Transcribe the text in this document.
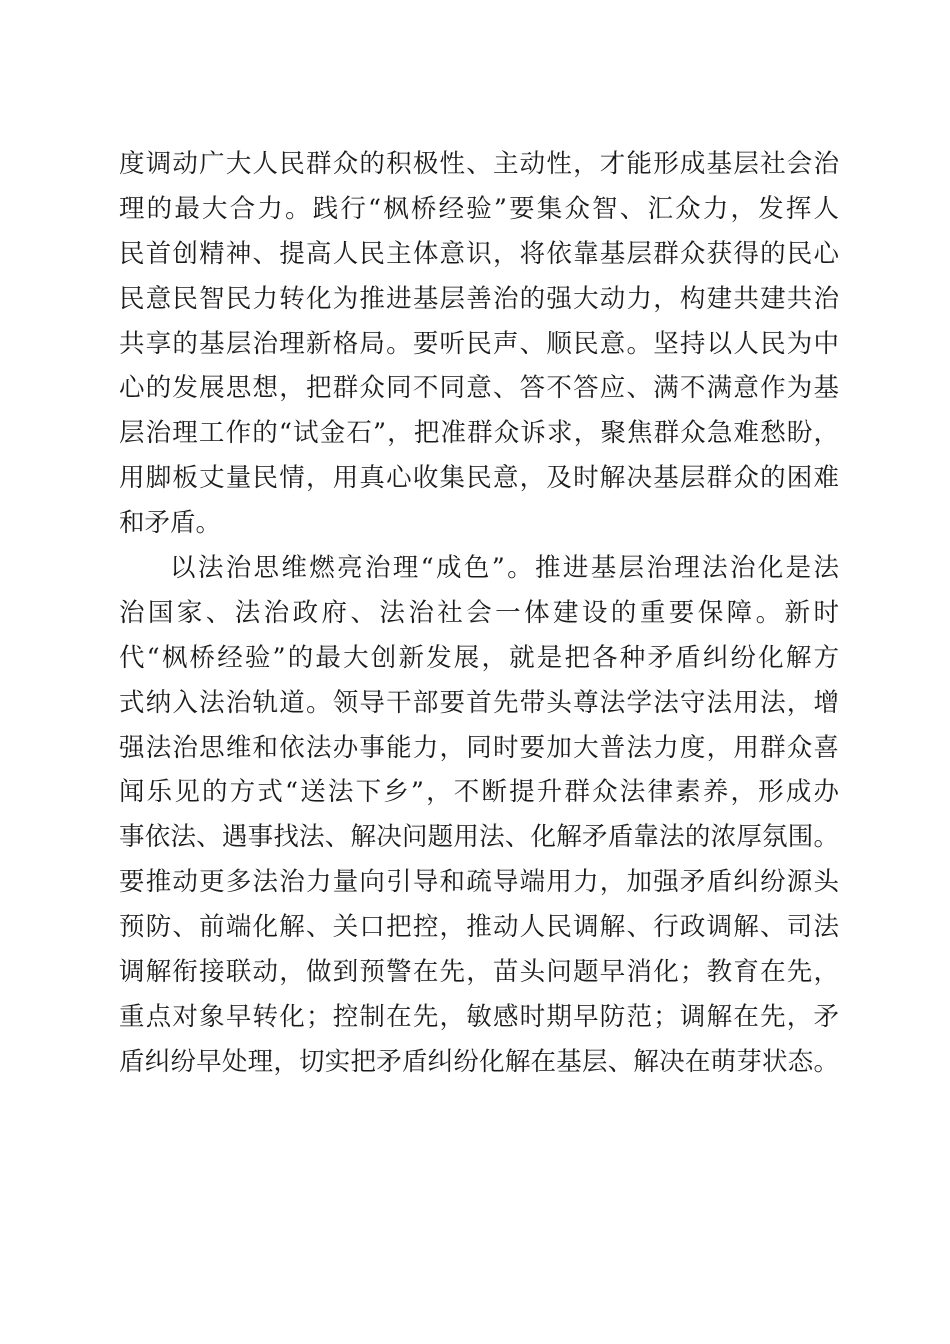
度调动广大人民群众的积极性、主动性，才能形成基层社会治
理的最大合力。践行“枫桥经验”要集众智、汇众力，发挥人
民首创精神、提高人民主体意识，将依靠基层群众获得的民心
民意民智民力转化为推进基层善治的强大动力，构建共建共治
共享的基层治理新格局。要听民声、顺民意。坚持以人民为中
心的发展思想，把群众同不同意、答不答应、满不满意作为基
层治理工作的“试金石”，把准群众诉求，聚焦群众急难愁盼，
用脚板丈量民情，用真心收集民意，及时解决基层群众的困难
和矛盾。
以法治思维燃亮治理“成色”。推进基层治理法治化是法
治国家、法治政府、法治社会一体建设的重要保障。新时
代“枫桥经验”的最大创新发展，就是把各种矛盾纠纷化解方
式纳入法治轨道。领导干部要首先带头尊法学法守法用法，增
强法治思维和依法办事能力，同时要加大普法力度，用群众喜
闻乐见的方式“送法下乡”，不断提升群众法律素养，形成办
事依法、遇事找法、解决问题用法、化解矛盾靠法的浓厚氛围。
要推动更多法治力量向引导和疏导端用力，加强矛盾纠纷源头
预防、前端化解、关口把控，推动人民调解、行政调解、司法
调解衔接联动，做到预警在先，苗头问题早消化；教育在先，
重点对象早转化；控制在先，敏感时期早防范；调解在先，矛
盾纠纷早处理，切实把矛盾纠纷化解在基层、解决在萌芽状态。
